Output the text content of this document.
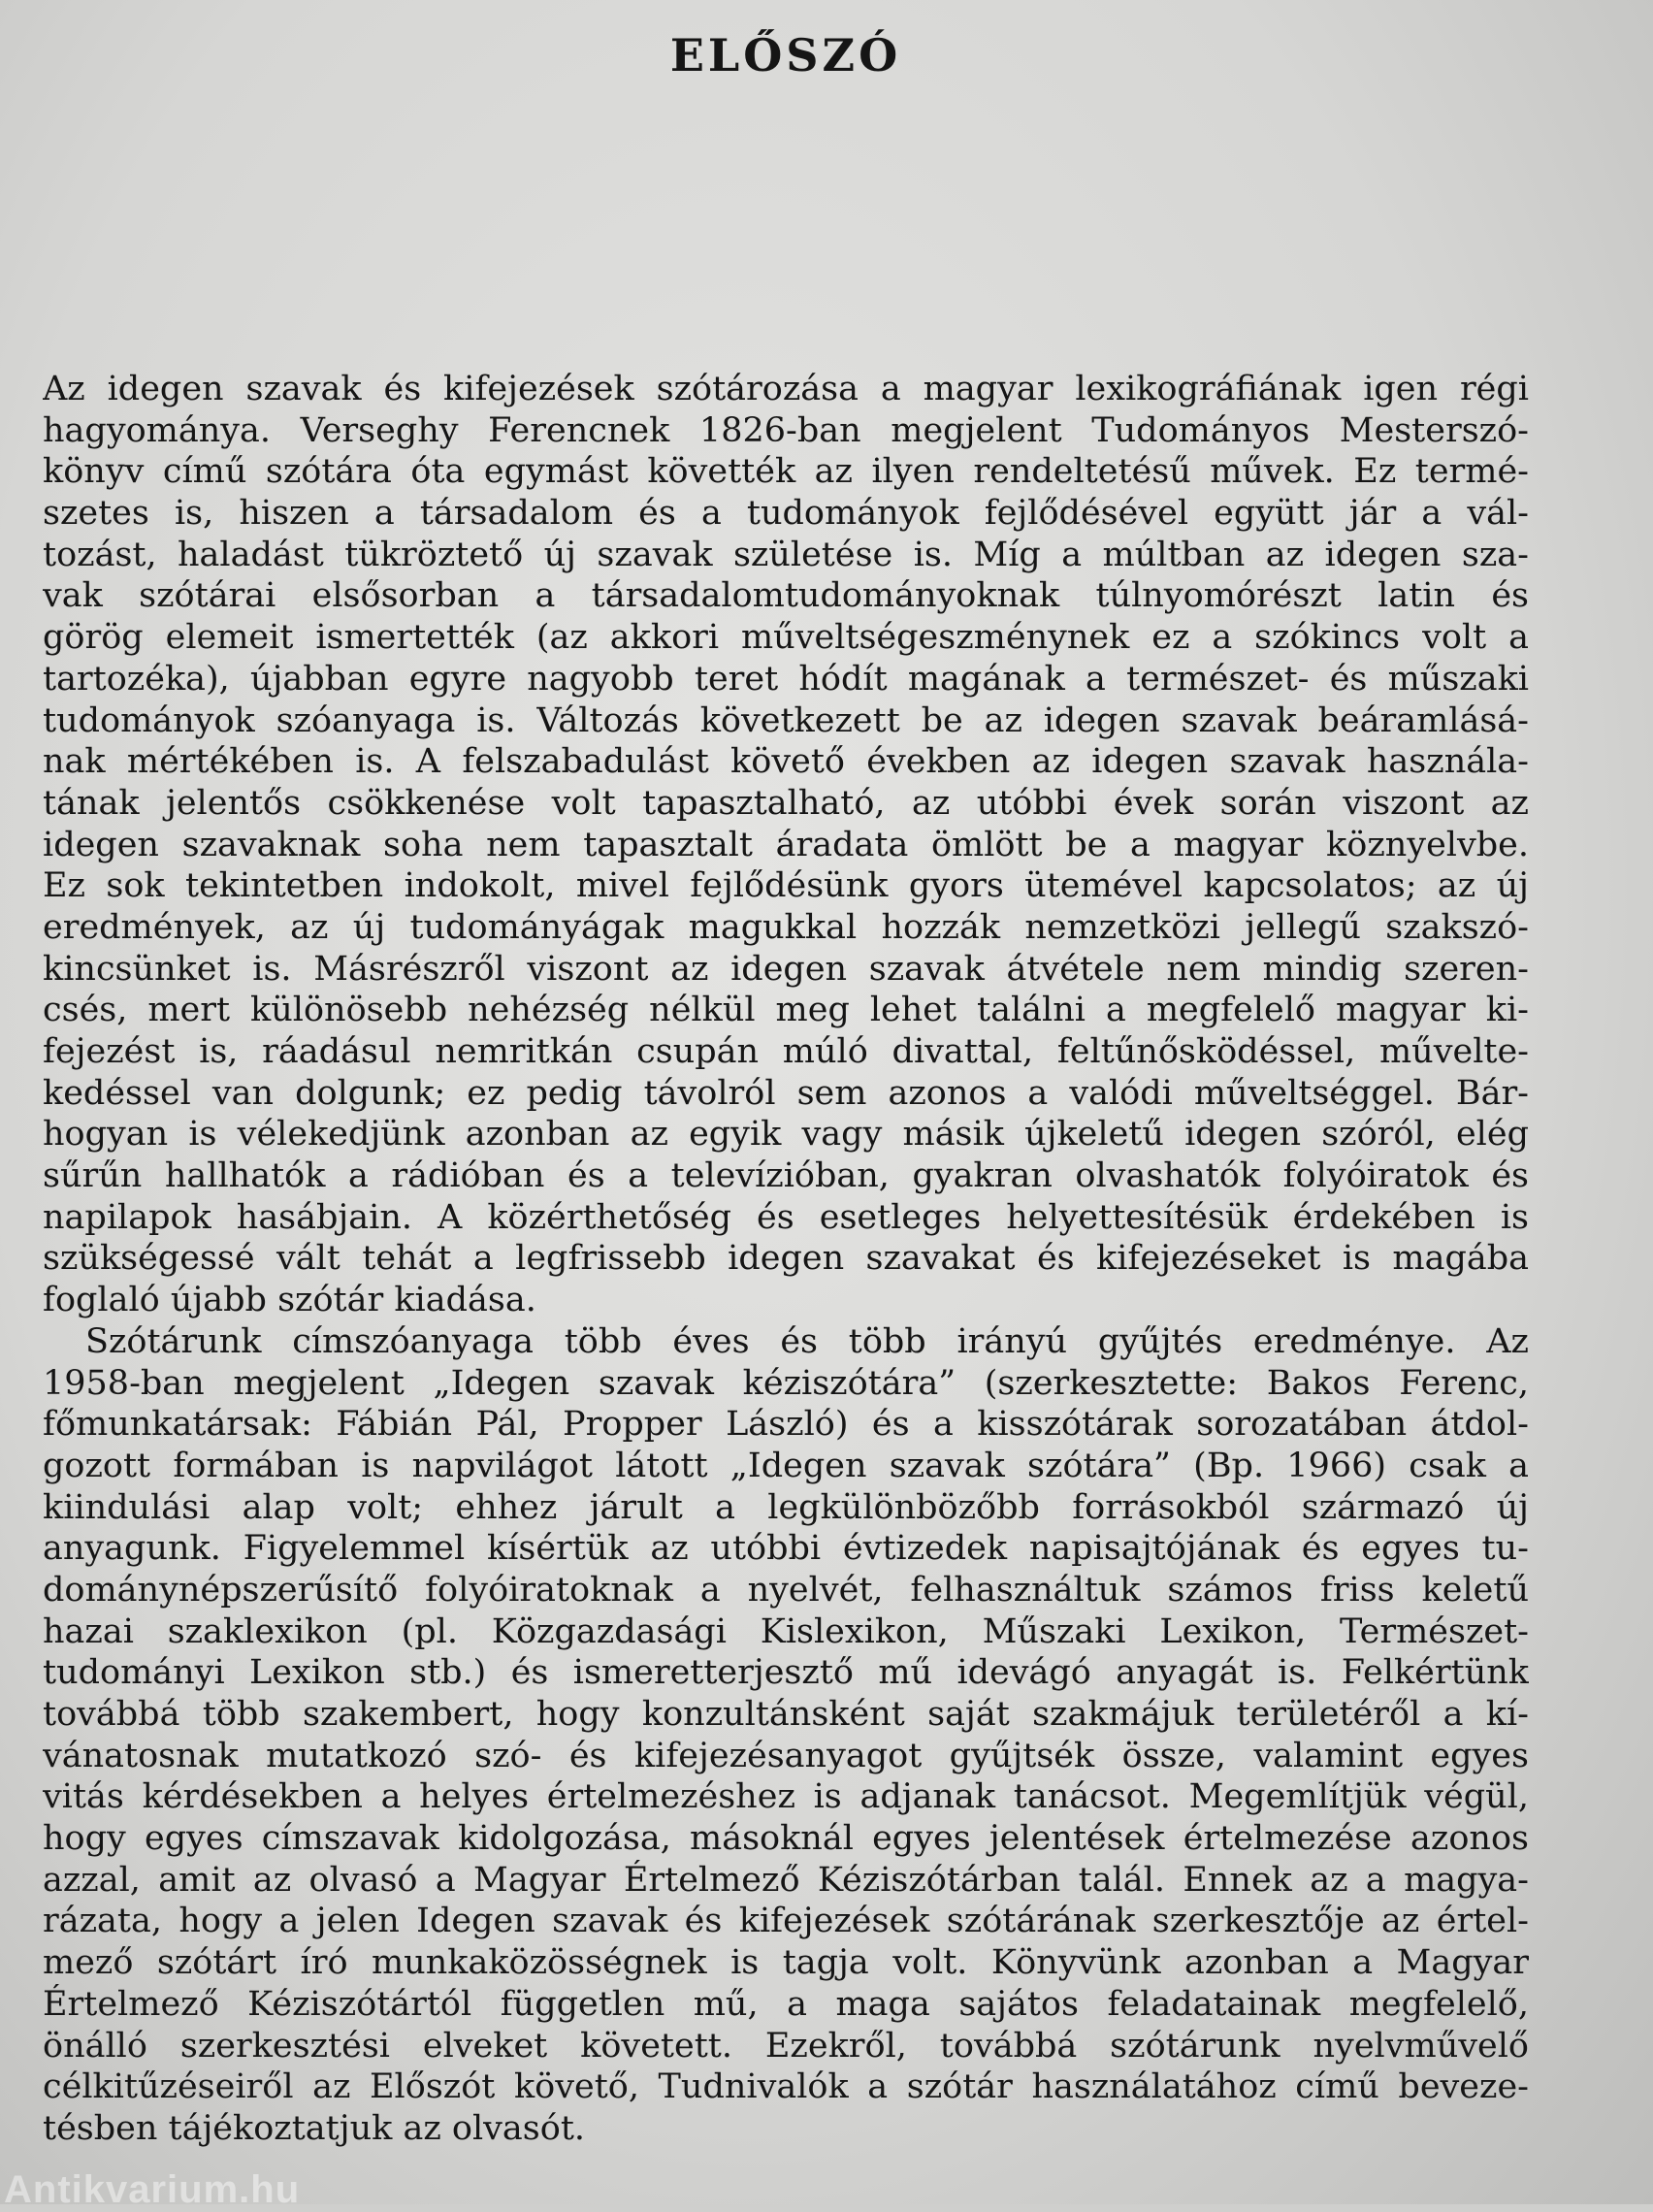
ELŐSZÓ
Az idegen szavak és kifejezések szótározása a magyar lexikográfiának igen régi
hagyománya. Verseghy Ferencnek 1826-ban megjelent Tudományos Mesterszó-
könyv című szótára óta egymást követték az ilyen rendeltetésű művek. Ez termé-
szetes is, hiszen a társadalom és a tudományok fejlődésével együtt jár a vál-
tozást, haladást tükröztető új szavak születése is. Míg a múltban az idegen sza-
vak szótárai elsősorban a társadalomtudományoknak túlnyomórészt latin és
görög elemeit ismertették (az akkori műveltségeszménynek ez a szókincs volt a
tartozéka), újabban egyre nagyobb teret hódít magának a természet- és műszaki
tudományok szóanyaga is. Változás következett be az idegen szavak beáramlásá-
nak mértékében is. A felszabadulást követő években az idegen szavak használa-
tának jelentős csökkenése volt tapasztalható, az utóbbi évek során viszont az
idegen szavaknak soha nem tapasztalt áradata ömlött be a magyar köznyelvbe.
Ez sok tekintetben indokolt, mivel fejlődésünk gyors ütemével kapcsolatos; az új
eredmények, az új tudományágak magukkal hozzák nemzetközi jellegű szakszó-
kincsünket is. Másrészről viszont az idegen szavak átvétele nem mindig szeren-
csés, mert különösebb nehézség nélkül meg lehet találni a megfelelő magyar ki-
fejezést is, ráadásul nemritkán csupán múló divattal, feltűnősködéssel, művelte-
kedéssel van dolgunk; ez pedig távolról sem azonos a valódi műveltséggel. Bár-
hogyan is vélekedjünk azonban az egyik vagy másik újkeletű idegen szóról, elég
sűrűn hallhatók a rádióban és a televízióban, gyakran olvashatók folyóiratok és
napilapok hasábjain. A közérthetőség és esetleges helyettesítésük érdekében is
szükségessé vált tehát a legfrissebb idegen szavakat és kifejezéseket is magába
foglaló újabb szótár kiadása.
Szótárunk címszóanyaga több éves és több irányú gyűjtés eredménye. Az
1958-ban megjelent „Idegen szavak kéziszótára” (szerkesztette: Bakos Ferenc,
főmunkatársak: Fábián Pál, Propper László) és a kisszótárak sorozatában átdol-
gozott formában is napvilágot látott „Idegen szavak szótára” (Bp. 1966) csak a
kiindulási alap volt; ehhez járult a legkülönbözőbb forrásokból származó új
anyagunk. Figyelemmel kísértük az utóbbi évtizedek napisajtójának és egyes tu-
dománynépszerűsítő folyóiratoknak a nyelvét, felhasználtuk számos friss keletű
hazai szaklexikon (pl. Közgazdasági Kislexikon, Műszaki Lexikon, Természet-
tudományi Lexikon stb.) és ismeretterjesztő mű idevágó anyagát is. Felkértünk
továbbá több szakembert, hogy konzultánsként saját szakmájuk területéről a kí-
vánatosnak mutatkozó szó- és kifejezésanyagot gyűjtsék össze, valamint egyes
vitás kérdésekben a helyes értelmezéshez is adjanak tanácsot. Megemlítjük végül,
hogy egyes címszavak kidolgozása, másoknál egyes jelentések értelmezése azonos
azzal, amit az olvasó a Magyar Értelmező Kéziszótárban talál. Ennek az a magya-
rázata, hogy a jelen Idegen szavak és kifejezések szótárának szerkesztője az értel-
mező szótárt író munkaközösségnek is tagja volt. Könyvünk azonban a Magyar
Értelmező Kéziszótártól független mű, a maga sajátos feladatainak megfelelő,
önálló szerkesztési elveket követett. Ezekről, továbbá szótárunk nyelvművelő
célkitűzéseiről az Előszót követő, Tudnivalók a szótár használatához című beveze-
tésben tájékoztatjuk az olvasót.
Antikvarium.hu
